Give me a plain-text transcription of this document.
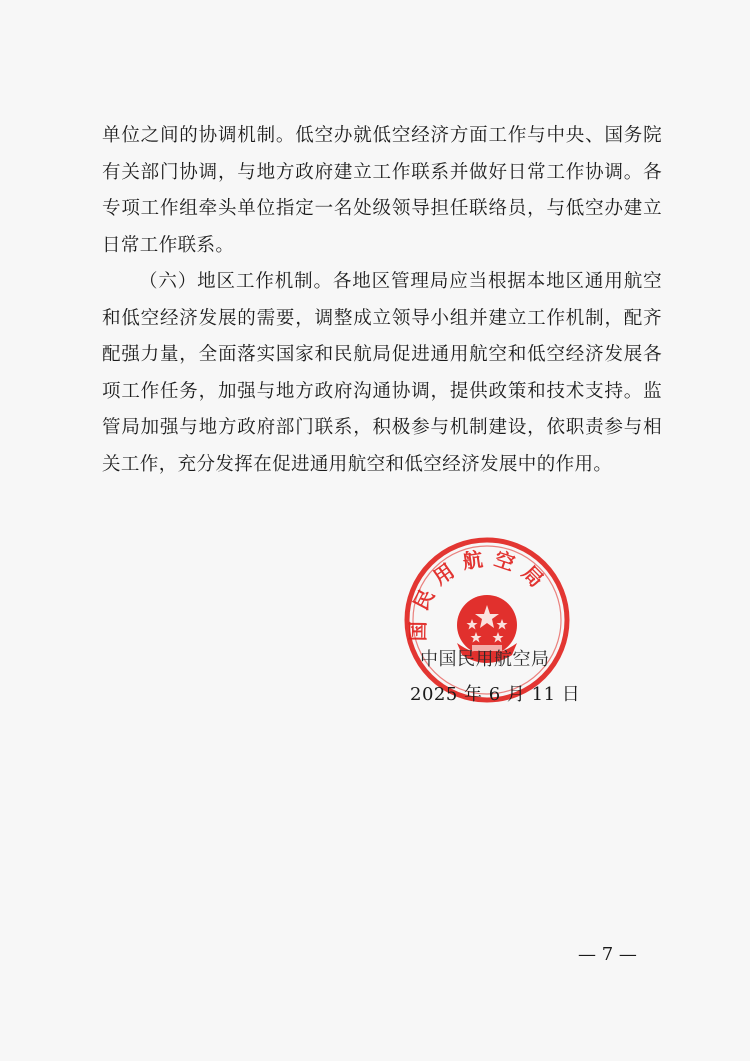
单位之间的协调机制。低空办就低空经济方面工作与中央、国务院有关部门协调，与地方政府建立工作联系并做好日常工作协调。各专项工作组牵头单位指定一名处级领导担任联络员，与低空办建立日常工作联系。

（六）地区工作机制。各地区管理局应当根据本地区通用航空和低空经济发展的需要，调整成立领导小组并建立工作机制，配齐配强力量，全面落实国家和民航局促进通用航空和低空经济发展各项工作任务，加强与地方政府沟通协调，提供政策和技术支持。监管局加强与地方政府部门联系，积极参与机制建设，依职责参与相关工作，充分发挥在促进通用航空和低空经济发展中的作用。

国民用航空局
中国民用航空局
2025 年 6 月 11 日
— 7 —
